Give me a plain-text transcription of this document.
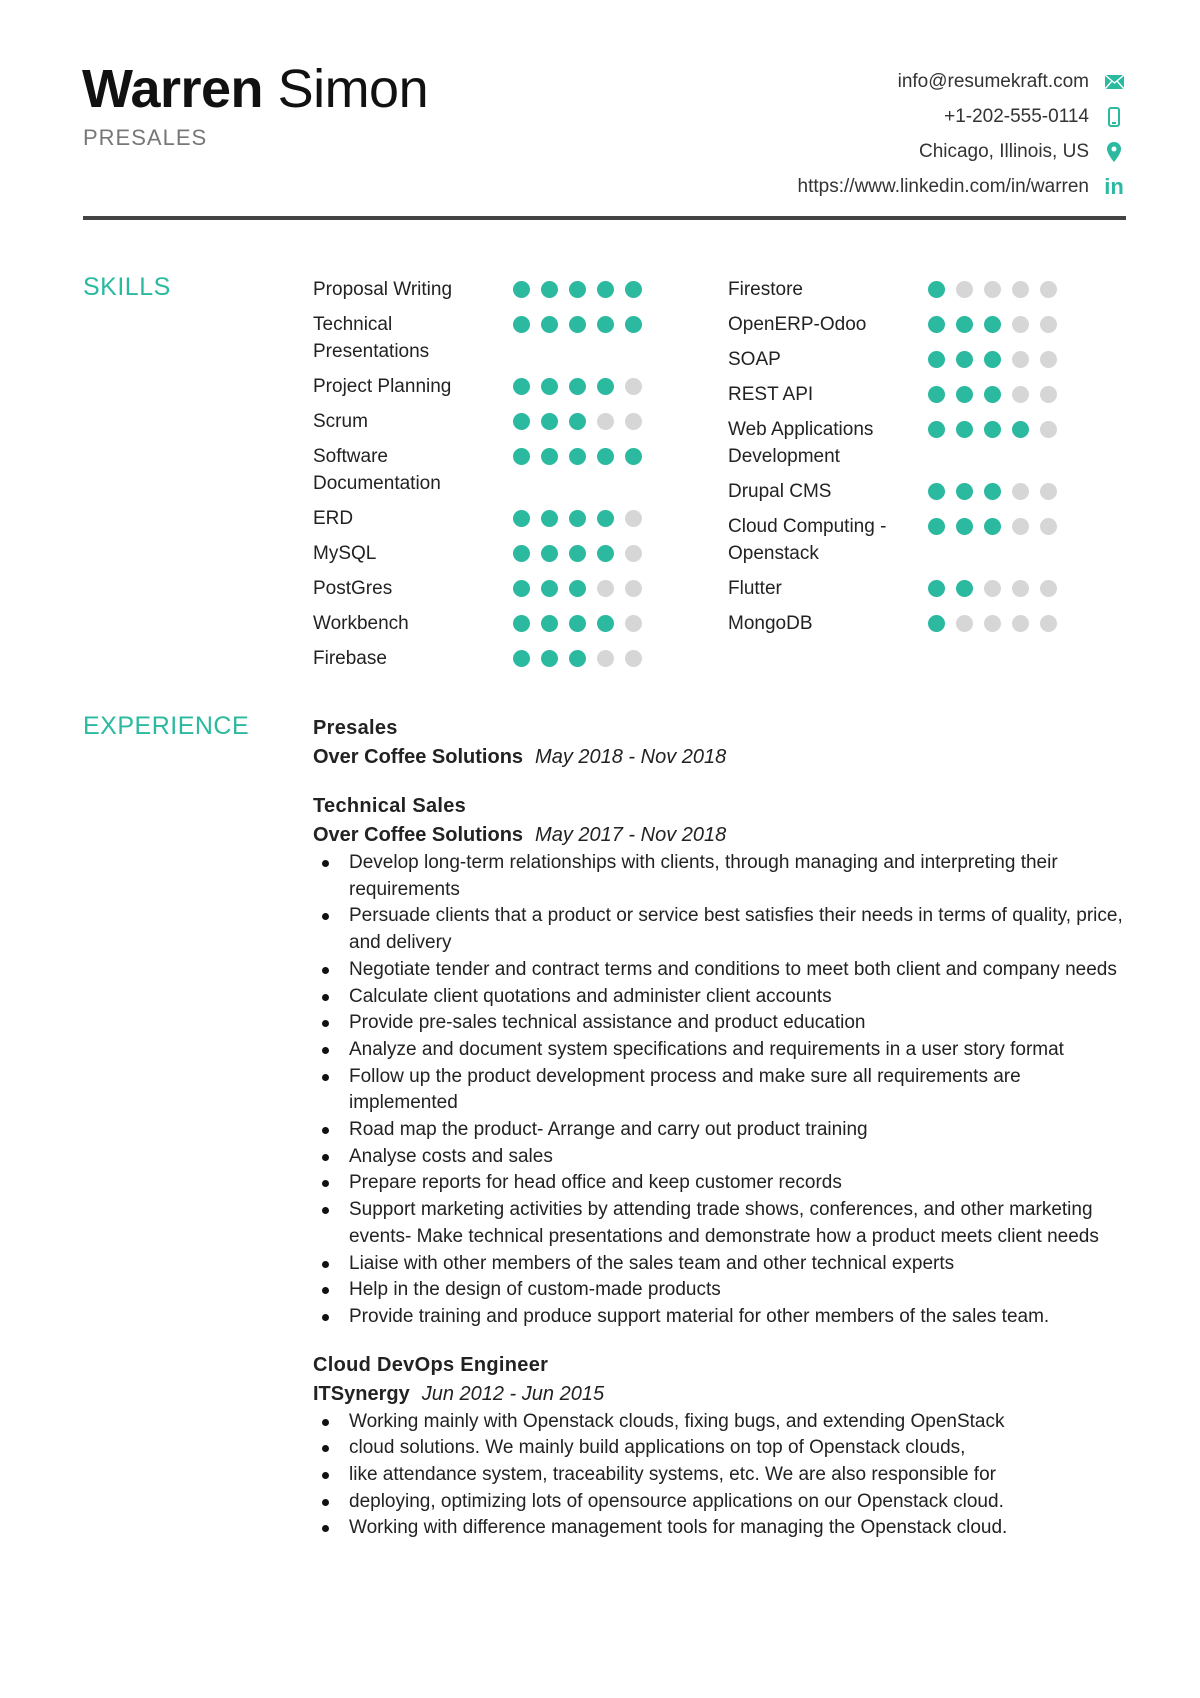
Warren Simon
PRESALES
info@resumekraft.com
+1-202-555-0114
Chicago, Illinois, US
https://www.linkedin.com/in/warren in
SKILLS	Proposal Writing
Technical Presentations
Project Planning
Scrum
Software Documentation
ERD
MySQL
PostGres
Workbench
Firebase
Firestore
OpenERP-Odoo
SOAP
REST API
Web Applications Development
Drupal CMS
Cloud Computing - Openstack
Flutter
MongoDB
EXPERIENCE	Presales
Over Coffee Solutions May 2018 - Nov 2018
Technical Sales
Over Coffee Solutions May 2017 - Nov 2018
Develop long-term relationships with clients, through managing and interpreting their requirements
Persuade clients that a product or service best satisfies their needs in terms of quality, price, and delivery
Negotiate tender and contract terms and conditions to meet both client and company needs
Calculate client quotations and administer client accounts
Provide pre-sales technical assistance and product education
Analyze and document system specifications and requirements in a user story format
Follow up the product development process and make sure all requirements are implemented
Road map the product- Arrange and carry out product training
Analyse costs and sales
Prepare reports for head office and keep customer records
Support marketing activities by attending trade shows, conferences, and other marketing events- Make technical presentations and demonstrate how a product meets client needs
Liaise with other members of the sales team and other technical experts
Help in the design of custom-made products
Provide training and produce support material for other members of the sales team.
Cloud DevOps Engineer
ITSynergy Jun 2012 - Jun 2015
Working mainly with Openstack clouds, fixing bugs, and extending OpenStack
cloud solutions. We mainly build applications on top of Openstack clouds,
like attendance system, traceability systems, etc. We are also responsible for
deploying, optimizing lots of opensource applications on our Openstack cloud.
Working with difference management tools for managing the Openstack cloud.
